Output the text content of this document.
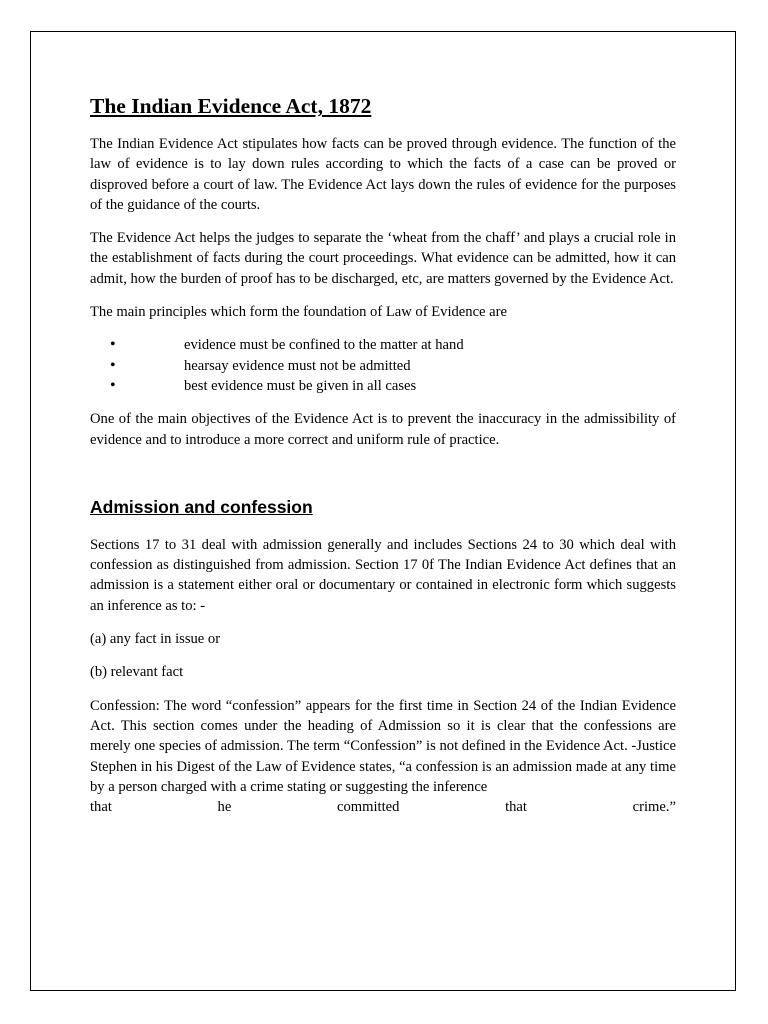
The Indian Evidence Act, 1872

The Indian Evidence Act stipulates how facts can be proved through evidence. The function of the law of evidence is to lay down rules according to which the facts of a case can be proved or disproved before a court of law. The Evidence Act lays down the rules of evidence for the purposes of the guidance of the courts.

The Evidence Act helps the judges to separate the ‘wheat from the chaff’ and plays a crucial role in the establishment of facts during the court proceedings. What evidence can be admitted, how it can admit, how the burden of proof has to be discharged, etc, are matters governed by the Evidence Act.

The main principles which form the foundation of Law of Evidence are

•	evidence must be confined to the matter at hand
•	hearsay evidence must not be admitted
•	best evidence must be given in all cases

One of the main objectives of the Evidence Act is to prevent the inaccuracy in the admissibility of evidence and to introduce a more correct and uniform rule of practice.

Admission and confession

Sections 17 to 31 deal with admission generally and includes Sections 24 to 30 which deal with confession as distinguished from admission. Section 17 0f The Indian Evidence Act defines that an admission is a statement either oral or documentary or contained in electronic form which suggests an inference as to: -

(a) any fact in issue or

(b) relevant fact

Confession: The word “confession” appears for the first time in Section 24 of the Indian Evidence Act. This section comes under the heading of Admission so it is clear that the confessions are merely one species of admission. The term “Confession” is not defined in the Evidence Act. -Justice Stephen in his Digest of the Law of Evidence states, “a confession is an admission made at any time by a person charged with a crime stating or suggesting the inference

that	he	committed	that	crime.”
